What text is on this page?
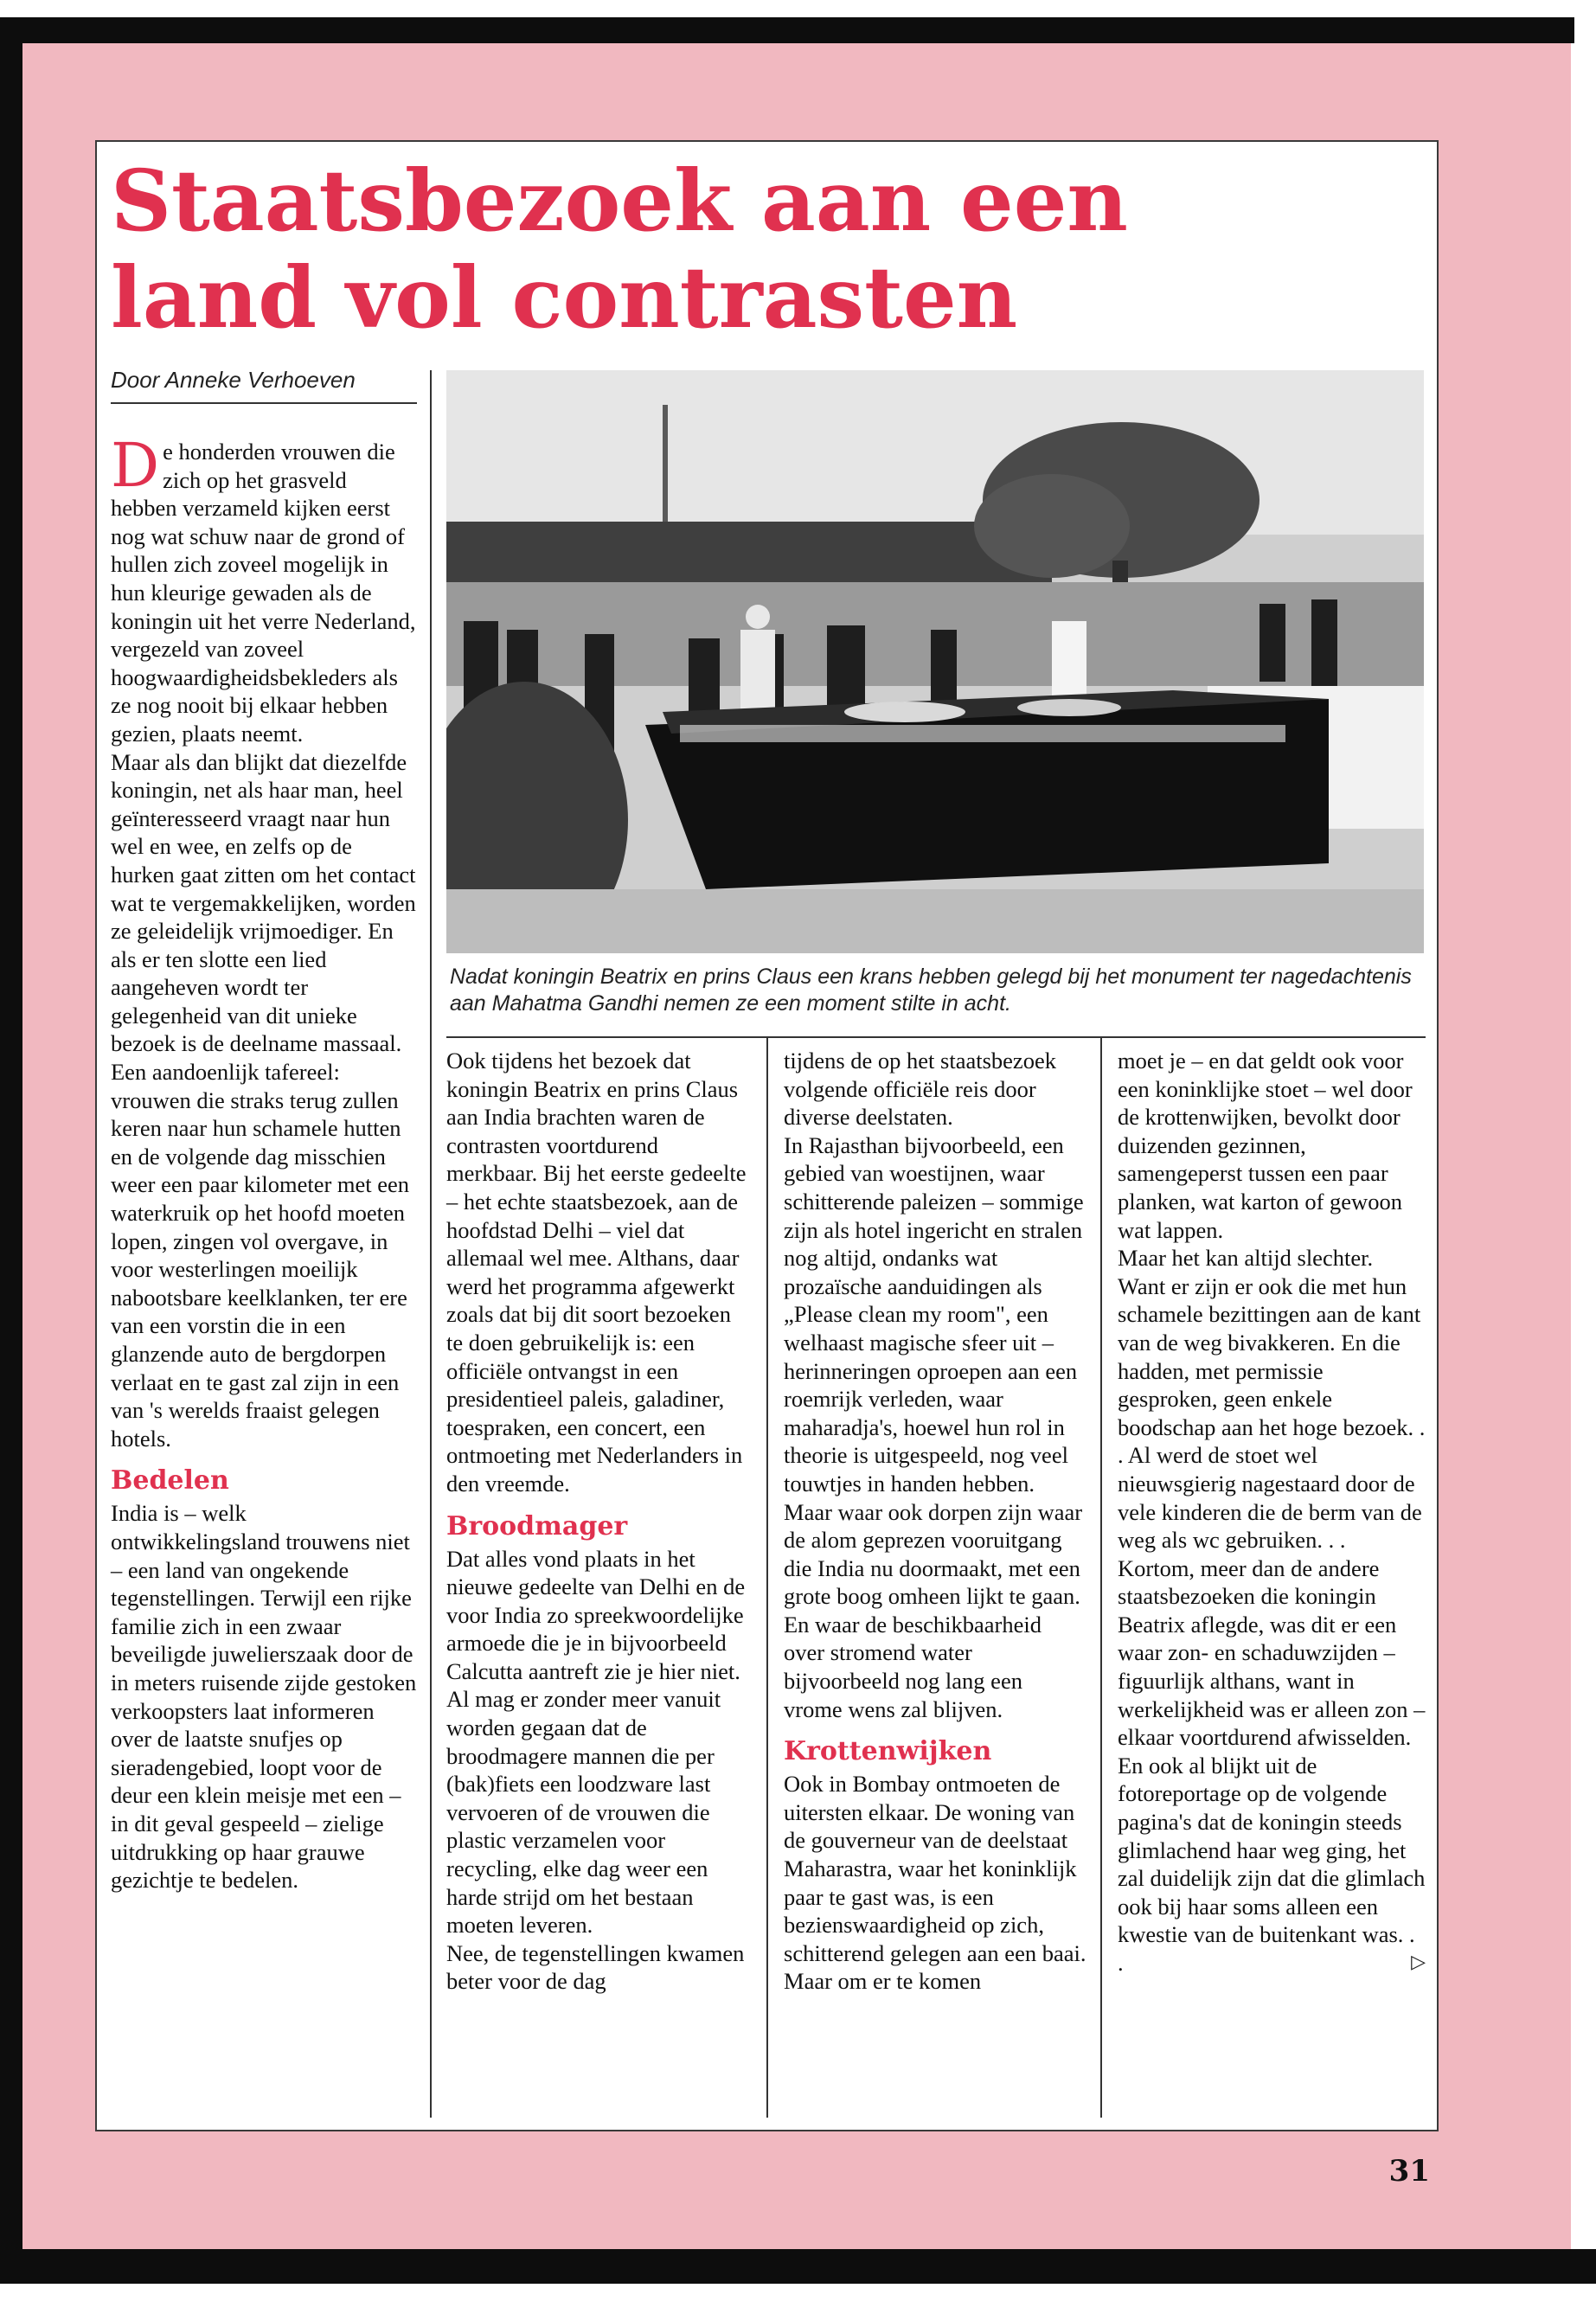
Staatsbezoek aan een
land vol contrasten
Door Anneke Verhoeven
Nadat koningin Beatrix en prins Claus een krans hebben gelegd bij het monument ter nagedachtenis aan Mahatma Gandhi nemen ze een moment stilte in acht.

De honderden vrouwen die zich op het grasveld hebben verzameld kijken eerst nog wat schuw naar de grond of hullen zich zoveel mogelijk in hun kleurige gewaden als de koningin uit het verre Nederland, vergezeld van zoveel hoogwaardigheidsbekleders als ze nog nooit bij elkaar hebben gezien, plaats neemt.

Maar als dan blijkt dat diezelfde koningin, net als haar man, heel geïnteresseerd vraagt naar hun wel en wee, en zelfs op de hurken gaat zitten om het contact wat te vergemakkelijken, worden ze geleidelijk vrijmoediger. En als er ten slotte een lied aangeheven wordt ter gelegenheid van dit unieke bezoek is de deelname massaal.

Een aandoenlijk tafereel: vrouwen die straks terug zullen keren naar hun schamele hutten en de volgende dag misschien weer een paar kilometer met een waterkruik op het hoofd moeten lopen, zingen vol overgave, in voor westerlingen moeilijk nabootsbare keelklanken, ter ere van een vorstin die in een glanzende auto de bergdorpen verlaat en te gast zal zijn in een van 's werelds fraaist gelegen hotels.

Bedelen

India is – welk ontwikkelingsland trouwens niet – een land van ongekende tegenstellingen. Terwijl een rijke familie zich in een zwaar beveiligde juwelierszaak door de in meters ruisende zijde gestoken verkoopsters laat informeren over de laatste snufjes op sieradengebied, loopt voor de deur een klein meisje met een – in dit geval gespeeld – zielige uitdrukking op haar grauwe gezichtje te bedelen.

Ook tijdens het bezoek dat koningin Beatrix en prins Claus aan India brachten waren de contrasten voortdurend merkbaar. Bij het eerste gedeelte – het echte staatsbezoek, aan de hoofdstad Delhi – viel dat allemaal wel mee. Althans, daar werd het programma afgewerkt zoals dat bij dit soort bezoeken te doen gebruikelijk is: een officiële ontvangst in een presidentieel paleis, galadiner, toespraken, een concert, een ontmoeting met Nederlanders in den vreemde.

Broodmager

Dat alles vond plaats in het nieuwe gedeelte van Delhi en de voor India zo spreekwoordelijke armoede die je in bijvoorbeeld Calcutta aantreft zie je hier niet. Al mag er zonder meer vanuit worden gegaan dat de broodmagere mannen die per (bak)fiets een loodzware last vervoeren of de vrouwen die plastic verzamelen voor recycling, elke dag weer een harde strijd om het bestaan moeten leveren.

Nee, de tegenstellingen kwamen beter voor de dag

tijdens de op het staatsbezoek volgende officiële reis door diverse deelstaten.

In Rajasthan bijvoorbeeld, een gebied van woestijnen, waar schitterende paleizen – sommige zijn als hotel ingericht en stralen nog altijd, ondanks wat prozaïsche aanduidingen als „Please clean my room", een welhaast magische sfeer uit – herinneringen oproepen aan een roemrijk verleden, waar maharadja's, hoewel hun rol in theorie is uitgespeeld, nog veel touwtjes in handen hebben. Maar waar ook dorpen zijn waar de alom geprezen vooruitgang die India nu doormaakt, met een grote boog omheen lijkt te gaan. En waar de beschikbaarheid over stromend water bijvoorbeeld nog lang een vrome wens zal blijven.

Krottenwijken

Ook in Bombay ontmoeten de uitersten elkaar. De woning van de gouverneur van de deelstaat Maharastra, waar het koninklijk paar te gast was, is een bezienswaardigheid op zich, schitterend gelegen aan een baai. Maar om er te komen

moet je – en dat geldt ook voor een koninklijke stoet – wel door de krottenwijken, bevolkt door duizenden gezinnen, samengeperst tussen een paar planken, wat karton of gewoon wat lappen.

Maar het kan altijd slechter. Want er zijn er ook die met hun schamele bezittingen aan de kant van de weg bivakkeren. En die hadden, met permissie gesproken, geen enkele boodschap aan het hoge bezoek. . . Al werd de stoet wel nieuwsgierig nagestaard door de vele kinderen die de berm van de weg als wc gebruiken. . .

Kortom, meer dan de andere staatsbezoeken die koningin Beatrix aflegde, was dit er een waar zon- en schaduwzijden – figuurlijk althans, want in werkelijkheid was er alleen zon – elkaar voortdurend afwisselden. En ook al blijkt uit de fotoreportage op de volgende pagina's dat de koningin steeds glimlachend haar weg ging, het zal duidelijk zijn dat die glimlach ook bij haar soms alleen een kwestie van de buitenkant was. . .	▷

31
